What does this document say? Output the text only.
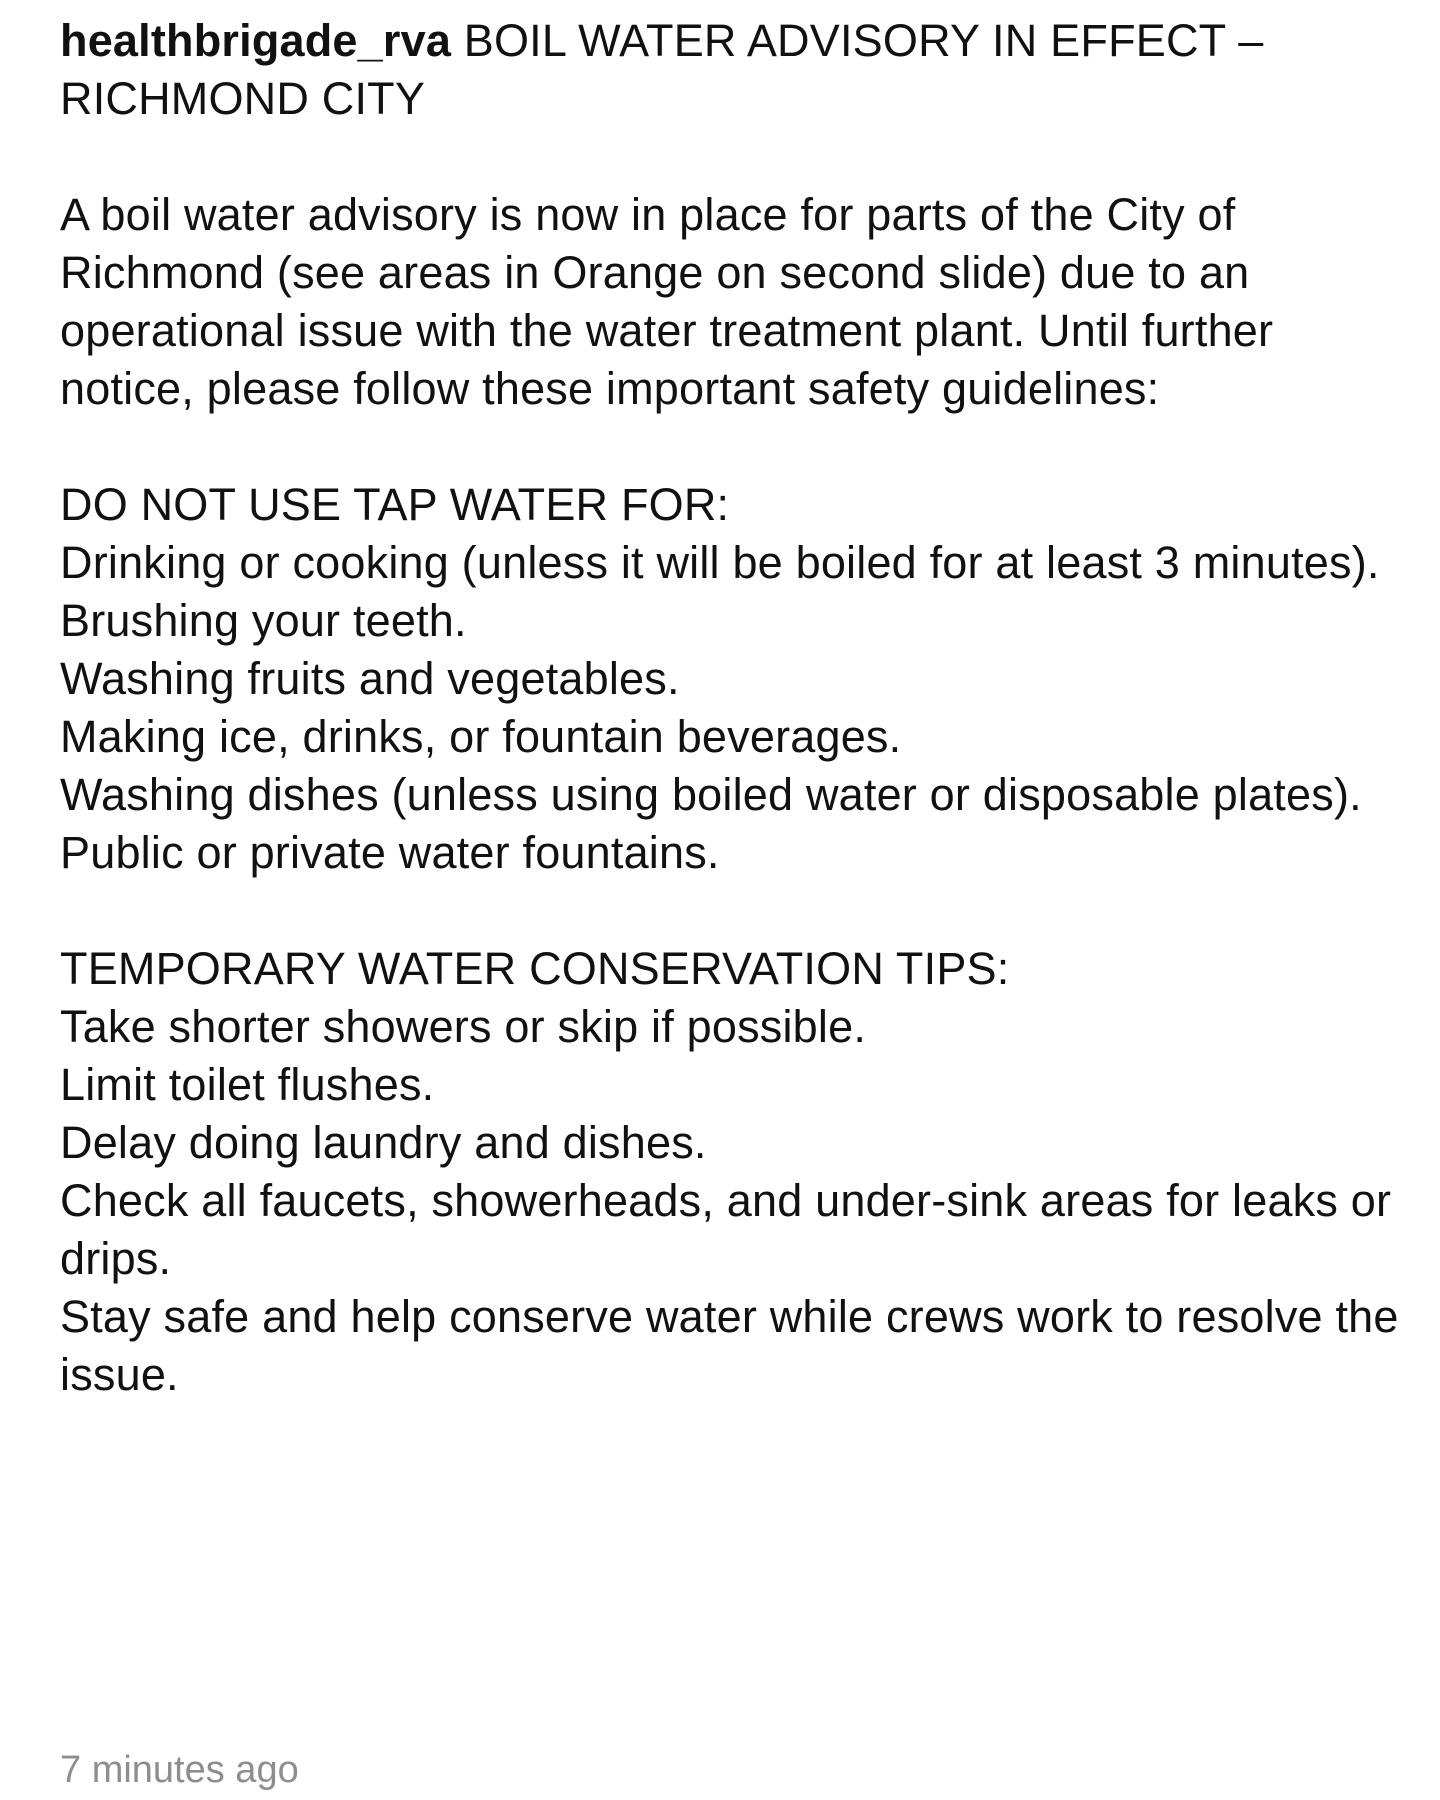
healthbrigade_rva BOIL WATER ADVISORY IN EFFECT – RICHMOND CITY

A boil water advisory is now in place for parts of the City of Richmond (see areas in Orange on second slide) due to an operational issue with the water treatment plant. Until further notice, please follow these important safety guidelines:

DO NOT USE TAP WATER FOR:

Drinking or cooking (unless it will be boiled for at least 3 minutes).

Brushing your teeth.

Washing fruits and vegetables.

Making ice, drinks, or fountain beverages.

Washing dishes (unless using boiled water or disposable plates).

Public or private water fountains.

TEMPORARY WATER CONSERVATION TIPS:

Take shorter showers or skip if possible.

Limit toilet flushes.

Delay doing laundry and dishes.

Check all faucets, showerheads, and under-sink areas for leaks or drips.

Stay safe and help conserve water while crews work to resolve the issue.

7 minutes ago
